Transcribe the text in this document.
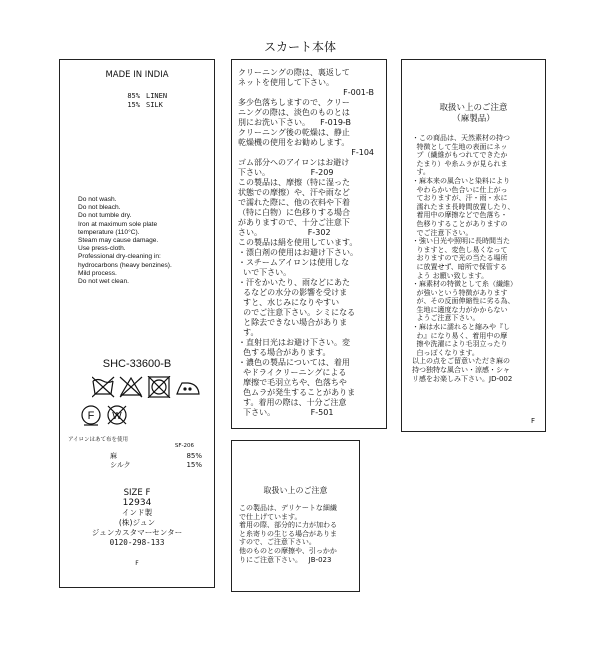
スカート本体
MADE IN INDIA
85% LINEN
15% SILK
Do not wash.
Do not bleach.
Do not tumble dry.
Iron at maximum sole plate
temperature (110°C).
Steam may cause damage.
Use press-cloth.
Professional dry-cleaning in:
hydrocarbons (heavy benzines).
Mild process.
Do not wet clean.
SHC-33600-B
F W
アイロンはあて布を使用
SF-206
麻	85%
シルク	15%
SIZE F
12934
インド製
(株)ジュン
ジュンカスタマーセンター
0120-298-133
F
クリーニングの際は、裏返して
ネットを使用して下さい。
F-001-B
多少色落ちしますので、クリー
ニングの際は、淡色のものとは
別にお洗い下さい。    F-019-B
クリーニング後の乾燥は、静止
乾燥機の使用をお勧めします。
F-104
ゴム部分へのアイロンはお避け
下さい。                F-209
この製品は、摩擦（特に湿った
状態での摩擦）や、汗や雨など
で濡れた際に、他の衣料や下着
（特に白物）に色移りする場合
がありますので、十分ご注意下
さい。                  F-302
この製品は絹を使用しています。
・漂白剤の使用はお避け下さい。
・スチームアイロンは使用しな
いで下さい。
・汗をかいたり、雨などにあた
るなどの水分の影響を受けま
すと、水じみになりやすい
のでご注意下さい。シミになる
と除去できない場合がありま
す。
・直射日光はお避け下さい。変
色する場合があります。
・濃色の製品については、着用
やドライクリーニングによる
摩擦で毛羽立ちや、色落ちや
色ムラが発生することがありま
す。着用の際は、十分ご注意
下さい。              F-501
取扱い上のご注意
（麻製品）
・この商品は、天然素材の持つ
特徴として生地の表面にネッ
プ（繊維がもつれてできたか
たまり）や糸ムラが見られま
す。
・麻本来の風合いと染料により
やわらかい色合いに仕上がっ
ておりますが、汗・雨・水に
濡れたまま長時間放置したり、
着用中の摩擦などで色落ち・
色移りすることがありますの
でご注意下さい。
・強い日光や照明に長時間当た
りますと、変色し易くなって
おりますので光の当たる場所
に放置せず、暗所で保管する
よう お願い致します。
・麻素材の特徴として糸（繊維）
が強いという特徴があります
が、その反面伸縮性に劣る為、
生地に適度な力がかからない
ようご注意下さい。
・麻は水に濡れると縮みや『し
わ』になり易く、着用中の摩
擦や洗濯により毛羽立ったり
白っぽくなります。
以上の点をご留意いただき麻の
持つ独特な風合い・涼感・シャ
リ感をお楽しみ下さい。JD-002
F
取扱い上のご注意
この製品は、デリケートな細繊
で仕上げています。
着用の際、部分的に力が加わる
と糸寄りの生じる場合がありま
すので、ご注意下さい。
他のものとの摩擦や、引っかか
りにご注意下さい。   JB-023
